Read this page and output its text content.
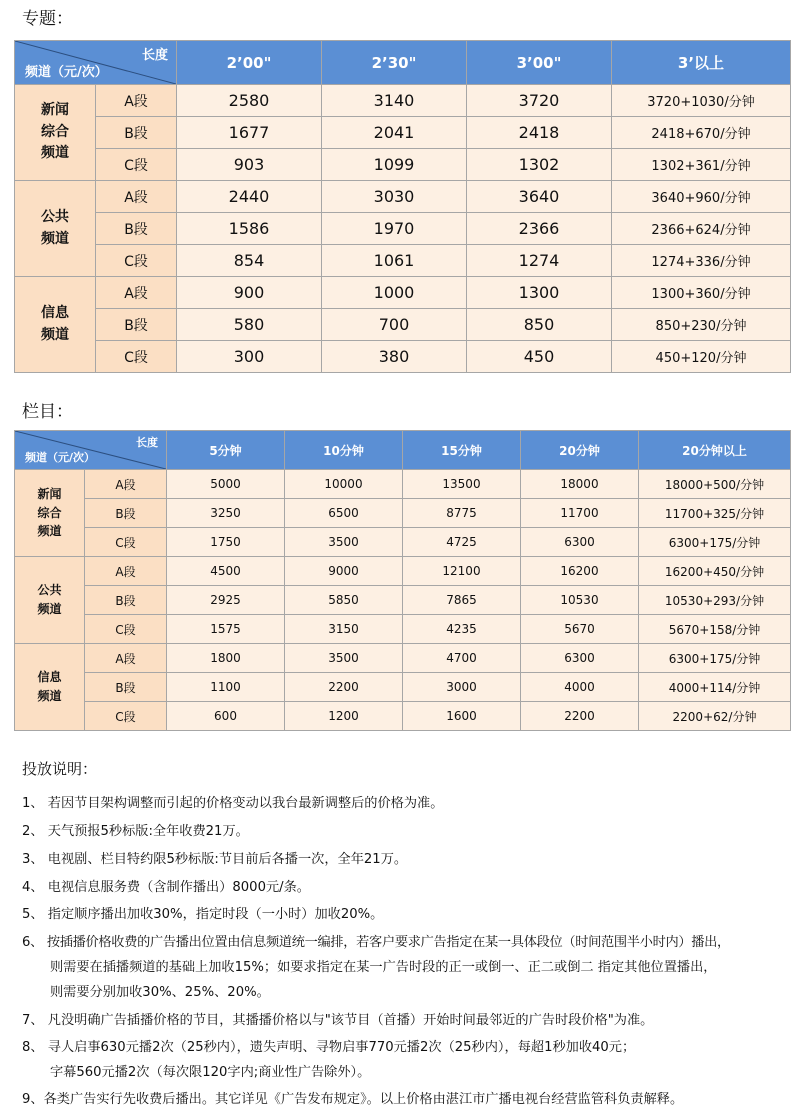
专题：
长度
频道（元/次）		2’00"	2’30"	3’00"	3’以上
新闻
综合
频道	A段	2580	3140	3720	3720+1030/分钟
	B段	1677	2041	2418	2418+670/分钟
	C段	903	1099	1302	1302+361/分钟
公共
频道	A段	2440	3030	3640	3640+960/分钟
	B段	1586	1970	2366	2366+624/分钟
	C段	854	1061	1274	1274+336/分钟
信息
频道	A段	900	1000	1300	1300+360/分钟
	B段	580	700	850	850+230/分钟
	C段	300	380	450	450+120/分钟
栏目：
长度
频道（元/次）		5分钟	10分钟	15分钟	20分钟	20分钟以上
新闻
综合
频道	A段	5000	10000	13500	18000	18000+500/分钟
	B段	3250	6500	8775	11700	11700+325/分钟
	C段	1750	3500	4725	6300	6300+175/分钟
公共
频道	A段	4500	9000	12100	16200	16200+450/分钟
	B段	2925	5850	7865	10530	10530+293/分钟
	C段	1575	3150	4235	5670	5670+158/分钟
信息
频道	A段	1800	3500	4700	6300	6300+175/分钟
	B段	1100	2200	3000	4000	4000+114/分钟
	C段	600	1200	1600	2200	2200+62/分钟
投放说明：
1、 若因节目架构调整而引起的价格变动以我台最新调整后的价格为准。
2、 天气预报5秒标版:全年收费21万。
3、 电视剧、栏目特约限5秒标版:节目前后各播一次，全年21万。
4、 电视信息服务费（含制作播出）8000元/条。
5、 指定顺序播出加收30%，指定时段（一小时）加收20%。
6、 按插播价格收费的广告播出位置由信息频道统一编排，若客户要求广告指定在某一具体段位（时间范围半小时内）播出，
则需要在插播频道的基础上加收15%；如要求指定在某一广告时段的正一或倒一、正二或倒二 指定其他位置播出，
则需要分别加收30%、25%、20%。
7、 凡没明确广告插播价格的节目，其播播价格以与"该节目（首播）开始时间最邻近的广告时段价格"为准。
8、 寻人启事630元播2次（25秒内），遗失声明、寻物启事770元播2次（25秒内），每超1秒加收40元；
字幕560元播2次（每次限120字内;商业性广告除外）。
9、各类广告实行先收费后播出。其它详见《广告发布规定》。以上价格由湛江市广播电视台经营监管科负责解释。
